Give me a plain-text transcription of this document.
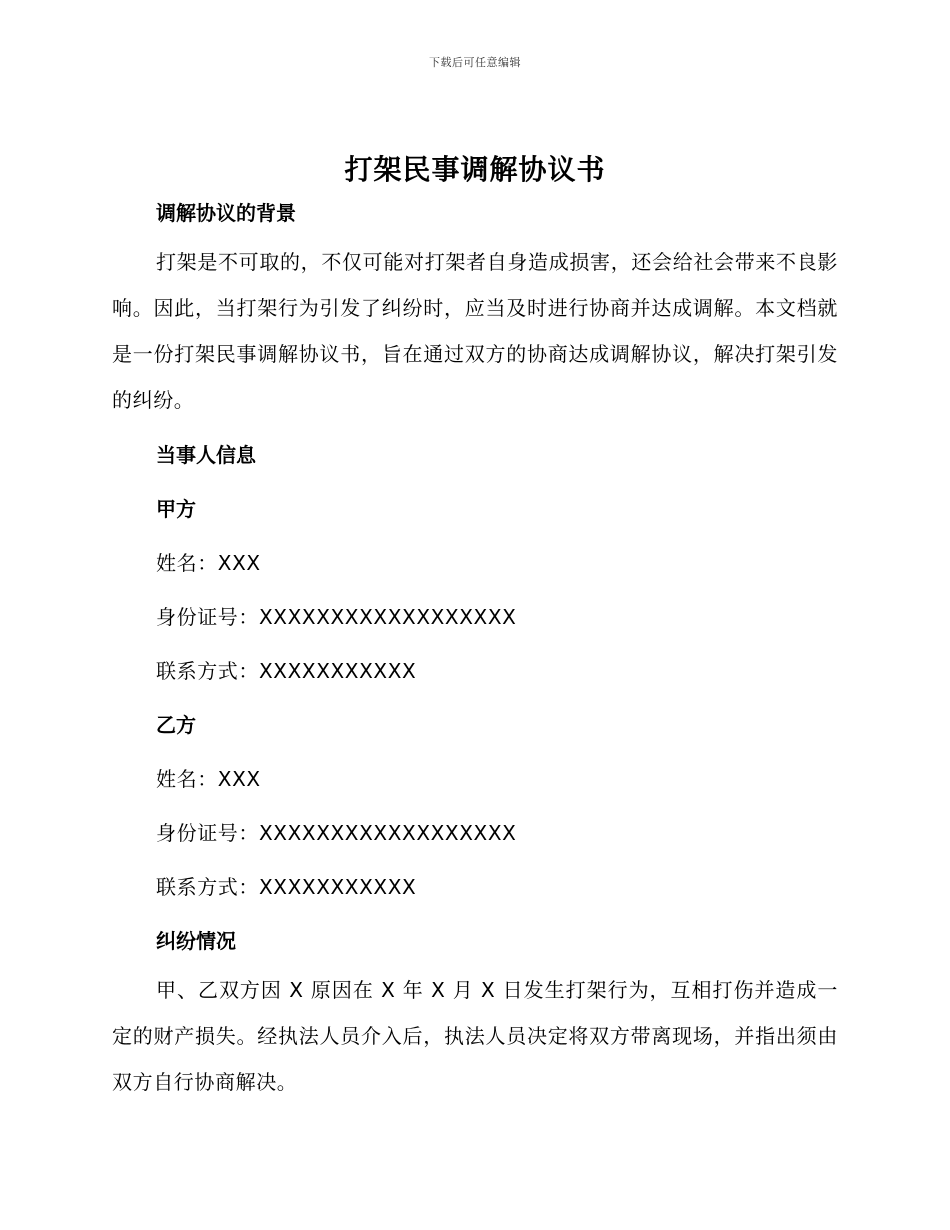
下载后可任意编辑
打架民事调解协议书

调解协议的背景

打架是不可取的，不仅可能对打架者自身造成损害，还会给社会带来不良影响。因此，当打架行为引发了纠纷时，应当及时进行协商并达成调解。本文档就是一份打架民事调解协议书，旨在通过双方的协商达成调解协议，解决打架引发的纠纷。

当事人信息

甲方

姓名：XXX

身份证号：XXXXXXXXXXXXXXXXXX

联系方式：XXXXXXXXXXX

乙方

姓名：XXX

身份证号：XXXXXXXXXXXXXXXXXX

联系方式：XXXXXXXXXXX

纠纷情况

甲、乙双方因 X 原因在 X 年 X 月 X 日发生打架行为，互相打伤并造成一定的财产损失。经执法人员介入后，执法人员决定将双方带离现场，并指出须由双方自行协商解决。
